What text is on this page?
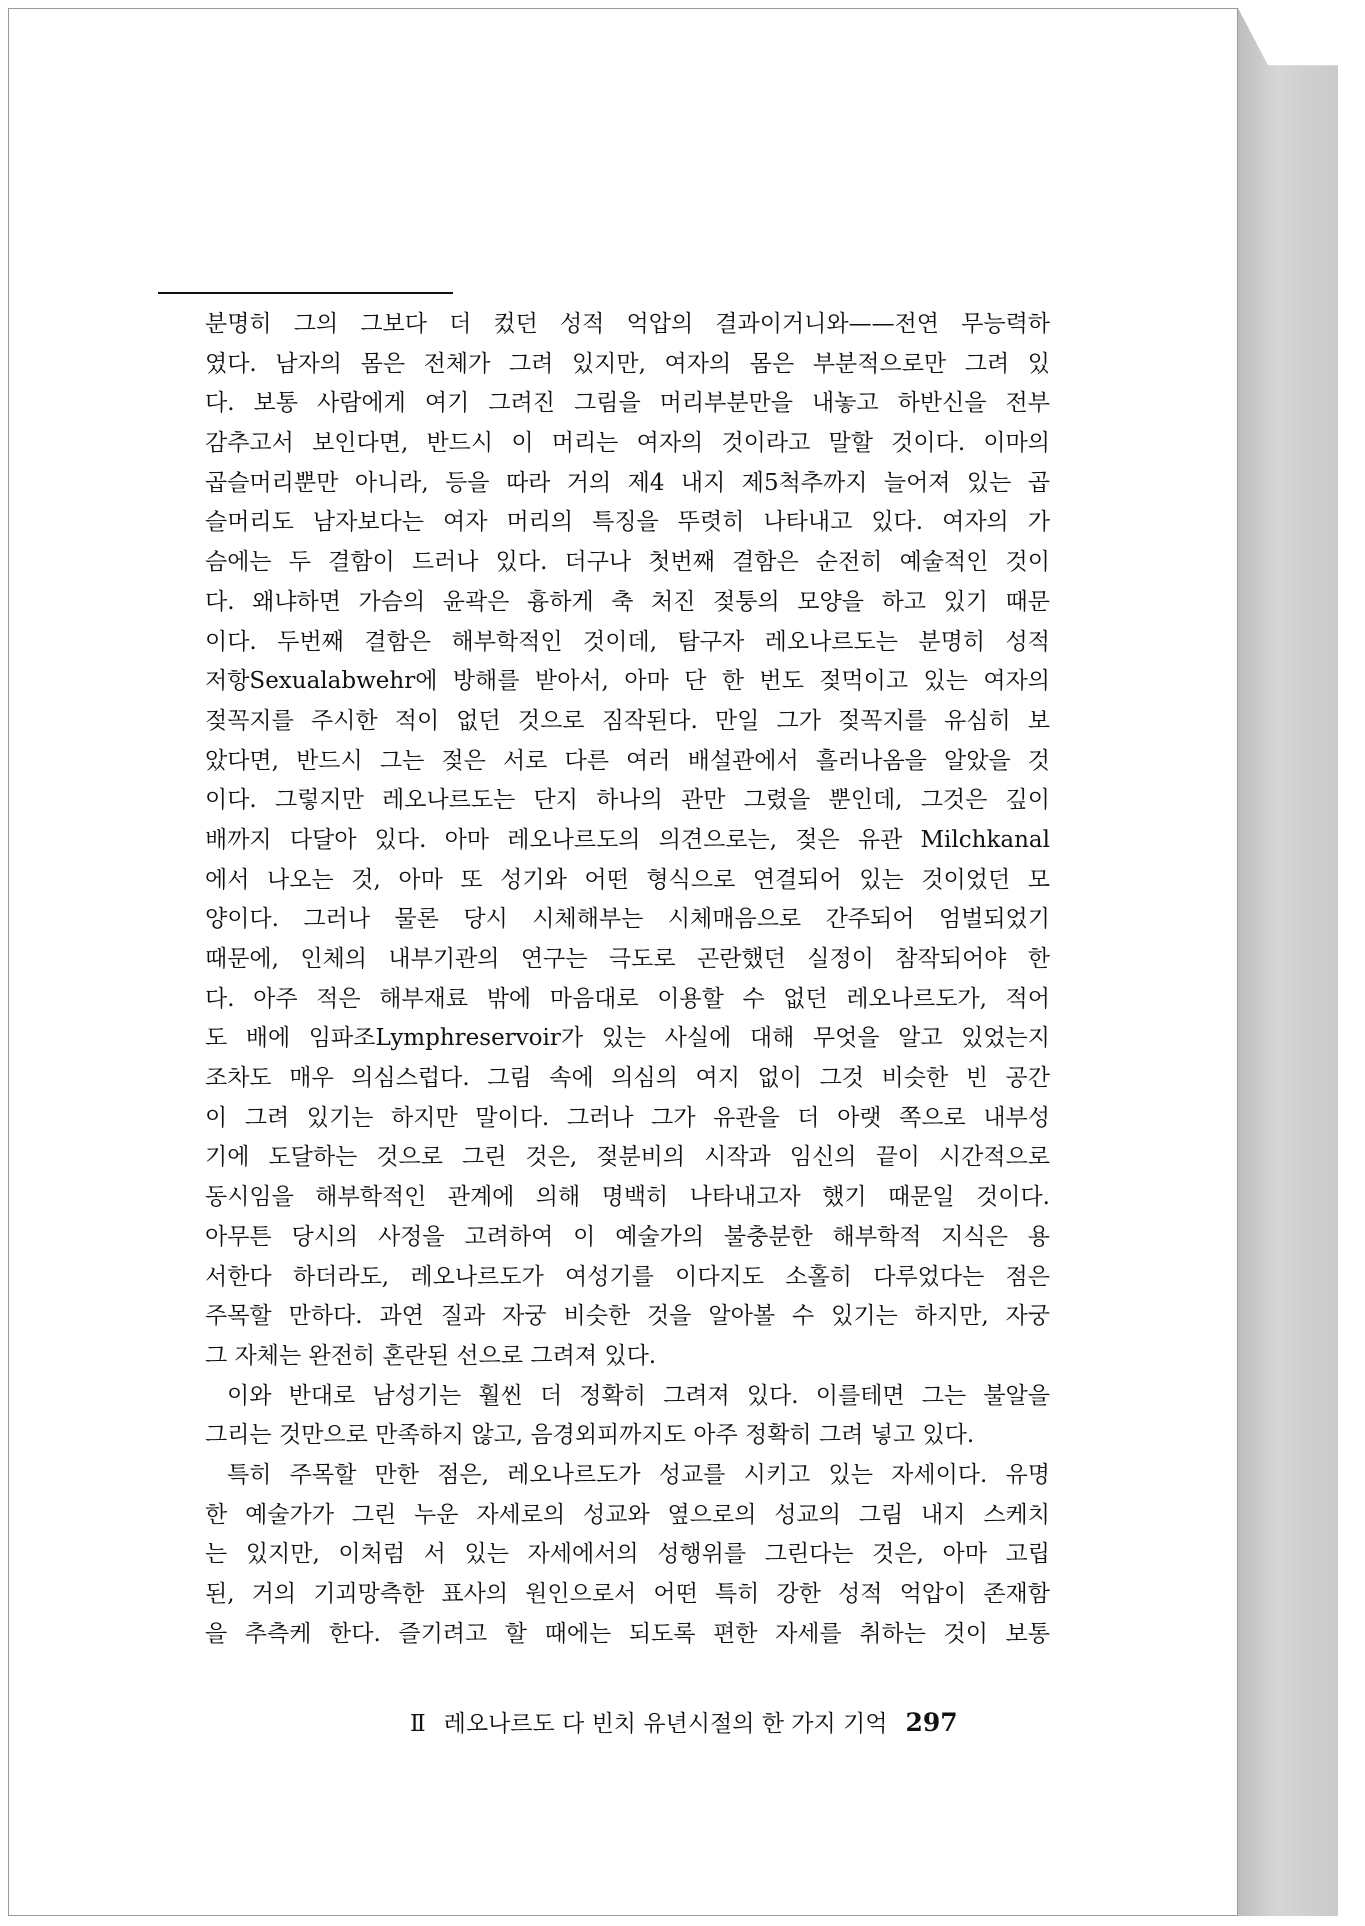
분명히 그의 그보다 더 컸던 성적 억압의 결과이거니와——전연 무능력하
였다. 남자의 몸은 전체가 그려 있지만, 여자의 몸은 부분적으로만 그려 있
다. 보통 사람에게 여기 그려진 그림을 머리부분만을 내놓고 하반신을 전부
감추고서 보인다면, 반드시 이 머리는 여자의 것이라고 말할 것이다. 이마의
곱슬머리뿐만 아니라, 등을 따라 거의 제4 내지 제5척추까지 늘어져 있는 곱
슬머리도 남자보다는 여자 머리의 특징을 뚜렷히 나타내고 있다. 여자의 가
슴에는 두 결함이 드러나 있다. 더구나 첫번째 결함은 순전히 예술적인 것이
다. 왜냐하면 가슴의 윤곽은 흉하게 축 처진 젖퉁의 모양을 하고 있기 때문
이다. 두번째 결함은 해부학적인 것이데, 탐구자 레오나르도는 분명히 성적
저항Sexualabwehr에 방해를 받아서, 아마 단 한 번도 젖먹이고 있는 여자의
젖꼭지를 주시한 적이 없던 것으로 짐작된다. 만일 그가 젖꼭지를 유심히 보
았다면, 반드시 그는 젖은 서로 다른 여러 배설관에서 흘러나옴을 알았을 것
이다. 그렇지만 레오나르도는 단지 하나의 관만 그렸을 뿐인데, 그것은 깊이
배까지 다달아 있다. 아마 레오나르도의 의견으로는, 젖은 유관 Milchkanal
에서 나오는 것, 아마 또 성기와 어떤 형식으로 연결되어 있는 것이었던 모
양이다. 그러나 물론 당시 시체해부는 시체매음으로 간주되어 엄벌되었기
때문에, 인체의 내부기관의 연구는 극도로 곤란했던 실정이 참작되어야 한
다. 아주 적은 해부재료 밖에 마음대로 이용할 수 없던 레오나르도가, 적어
도 배에 임파조Lymphreservoir가 있는 사실에 대해 무엇을 알고 있었는지
조차도 매우 의심스럽다. 그림 속에 의심의 여지 없이 그것 비슷한 빈 공간
이 그려 있기는 하지만 말이다. 그러나 그가 유관을 더 아랫 쪽으로 내부성
기에 도달하는 것으로 그린 것은, 젖분비의 시작과 임신의 끝이 시간적으로
동시임을 해부학적인 관계에 의해 명백히 나타내고자 했기 때문일 것이다.
아무튼 당시의 사정을 고려하여 이 예술가의 불충분한 해부학적 지식은 용
서한다 하더라도, 레오나르도가 여성기를 이다지도 소홀히 다루었다는 점은
주목할 만하다. 과연 질과 자궁 비슷한 것을 알아볼 수 있기는 하지만, 자궁
그 자체는 완전히 혼란된 선으로 그려져 있다.
이와 반대로 남성기는 훨씬 더 정확히 그려져 있다. 이를테면 그는 불알을
그리는 것만으로 만족하지 않고, 음경외피까지도 아주 정확히 그려 넣고 있다.
특히 주목할 만한 점은, 레오나르도가 성교를 시키고 있는 자세이다. 유명
한 예술가가 그린 누운 자세로의 성교와 옆으로의 성교의 그림 내지 스케치
는 있지만, 이처럼 서 있는 자세에서의 성행위를 그린다는 것은, 아마 고립
된, 거의 기괴망측한 표사의 원인으로서 어떤 특히 강한 성적 억압이 존재함
을 추측케 한다. 즐기려고 할 때에는 되도록 편한 자세를 취하는 것이 보통
Ⅱ 레오나르도 다 빈치 유년시절의 한 가지 기억 297
